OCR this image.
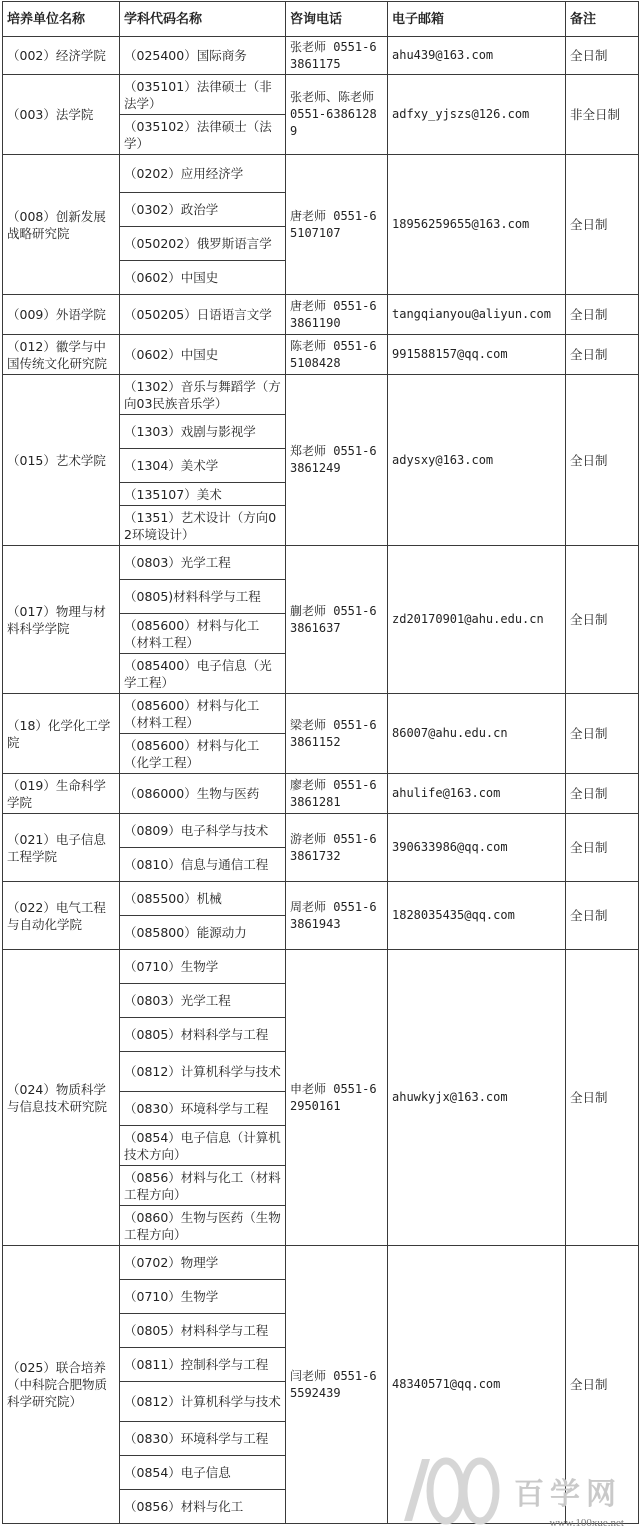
培养单位名称	学科代码名称	咨询电话	电子邮箱	备注
（002）经济学院	（025400）国际商务	张老师 0551-63861175	ahu439@163.com	全日制
（003）法学院	（035101）法律硕士（非法学）	张老师、陈老师 0551-63861289	adfxy_yjszs@126.com	非全日制
	（035102）法律硕士（法学）			
（008）创新发展战略研究院	（0202）应用经济学	唐老师 0551-65107107	18956259655@163.com	全日制
	（0302）政治学			
	（050202）俄罗斯语言学			
	（0602）中国史			
（009）外语学院	（050205）日语语言文学	唐老师 0551-63861190	tangqianyou@aliyun.com	全日制
（012）徽学与中国传统文化研究院	（0602）中国史	陈老师 0551-65108428	991588157@qq.com	全日制
（015）艺术学院	（1302）音乐与舞蹈学（方向03民族音乐学）	郑老师 0551-63861249	adysxy@163.com	全日制
	（1303）戏剧与影视学			
	（1304）美术学			
	（135107）美术			
	（1351）艺术设计（方向02环境设计）			
（017）物理与材料科学学院	（0803）光学工程	蒯老师 0551-63861637	zd20170901@ahu.edu.cn	全日制
	（0805)材料科学与工程			
	（085600）材料与化工（材料工程）			
	（085400）电子信息（光学工程）			
（18）化学化工学院	（085600）材料与化工（材料工程）	梁老师 0551-63861152	86007@ahu.edu.cn	全日制
	（085600）材料与化工（化学工程）			
（019）生命科学学院	（086000）生物与医药	廖老师 0551-63861281	ahulife@163.com	全日制
（021）电子信息工程学院	（0809）电子科学与技术	游老师 0551-63861732	390633986@qq.com	全日制
	（0810）信息与通信工程			
（022）电气工程与自动化学院	（085500）机械	周老师 0551-63861943	1828035435@qq.com	全日制
	（085800）能源动力			
（024）物质科学与信息技术研究院	（0710）生物学	申老师 0551-62950161	ahuwkyjx@163.com	全日制
	（0803）光学工程			
	（0805）材料科学与工程			
	（0812）计算机科学与技术			
	（0830）环境科学与工程			
	（0854）电子信息（计算机技术方向）			
	（0856）材料与化工（材料工程方向）			
	（0860）生物与医药（生物工程方向）			
（025）联合培养（中科院合肥物质科学研究院）	（0702）物理学	闫老师 0551-65592439	48340571@qq.com	全日制
	（0710）生物学			
	（0805）材料科学与工程			
	（0811）控制科学与工程			
	（0812）计算机科学与技术			
	（0830）环境科学与工程			
	（0854）电子信息			
	（0856）材料与化工				百学网
www.100xue.net
